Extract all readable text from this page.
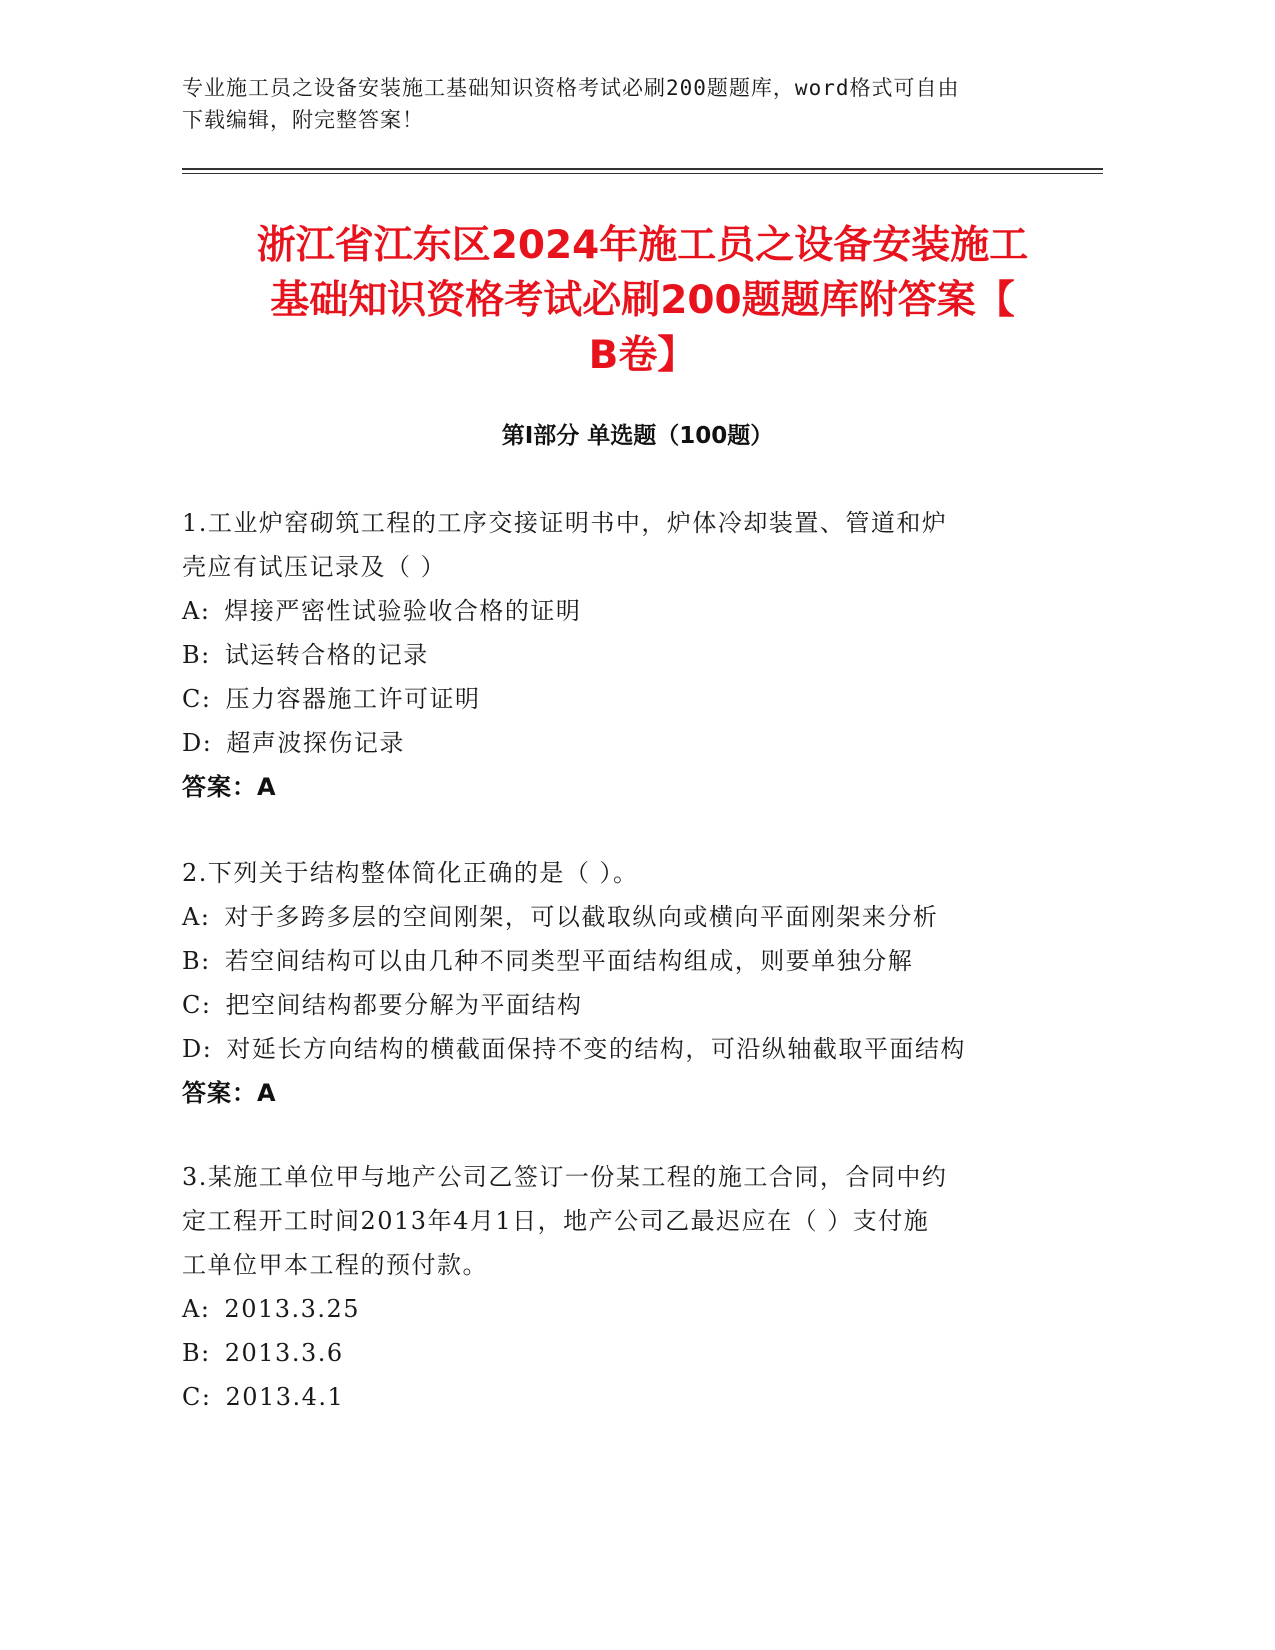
专业施工员之设备安装施工基础知识资格考试必刷200题题库，word格式可自由
下载编辑，附完整答案！
浙江省江东区2024年施工员之设备安装施工
基础知识资格考试必刷200题题库附答案【
B卷】
第Ⅰ部分 单选题（100题）
1.工业炉窑砌筑工程的工序交接证明书中，炉体冷却装置、管道和炉
壳应有试压记录及（ ）
A: 焊接严密性试验验收合格的证明
B: 试运转合格的记录
C: 压力容器施工许可证明
D: 超声波探伤记录
答案：A
2.下列关于结构整体简化正确的是（ ）。
A: 对于多跨多层的空间刚架，可以截取纵向或横向平面刚架来分析
B: 若空间结构可以由几种不同类型平面结构组成，则要单独分解
C: 把空间结构都要分解为平面结构
D: 对延长方向结构的横截面保持不变的结构，可沿纵轴截取平面结构
答案：A
3.某施工单位甲与地产公司乙签订一份某工程的施工合同，合同中约
定工程开工时间2013年4月1日，地产公司乙最迟应在（ ）支付施
工单位甲本工程的预付款。
A: 2013.3.25
B: 2013.3.6
C: 2013.4.1
